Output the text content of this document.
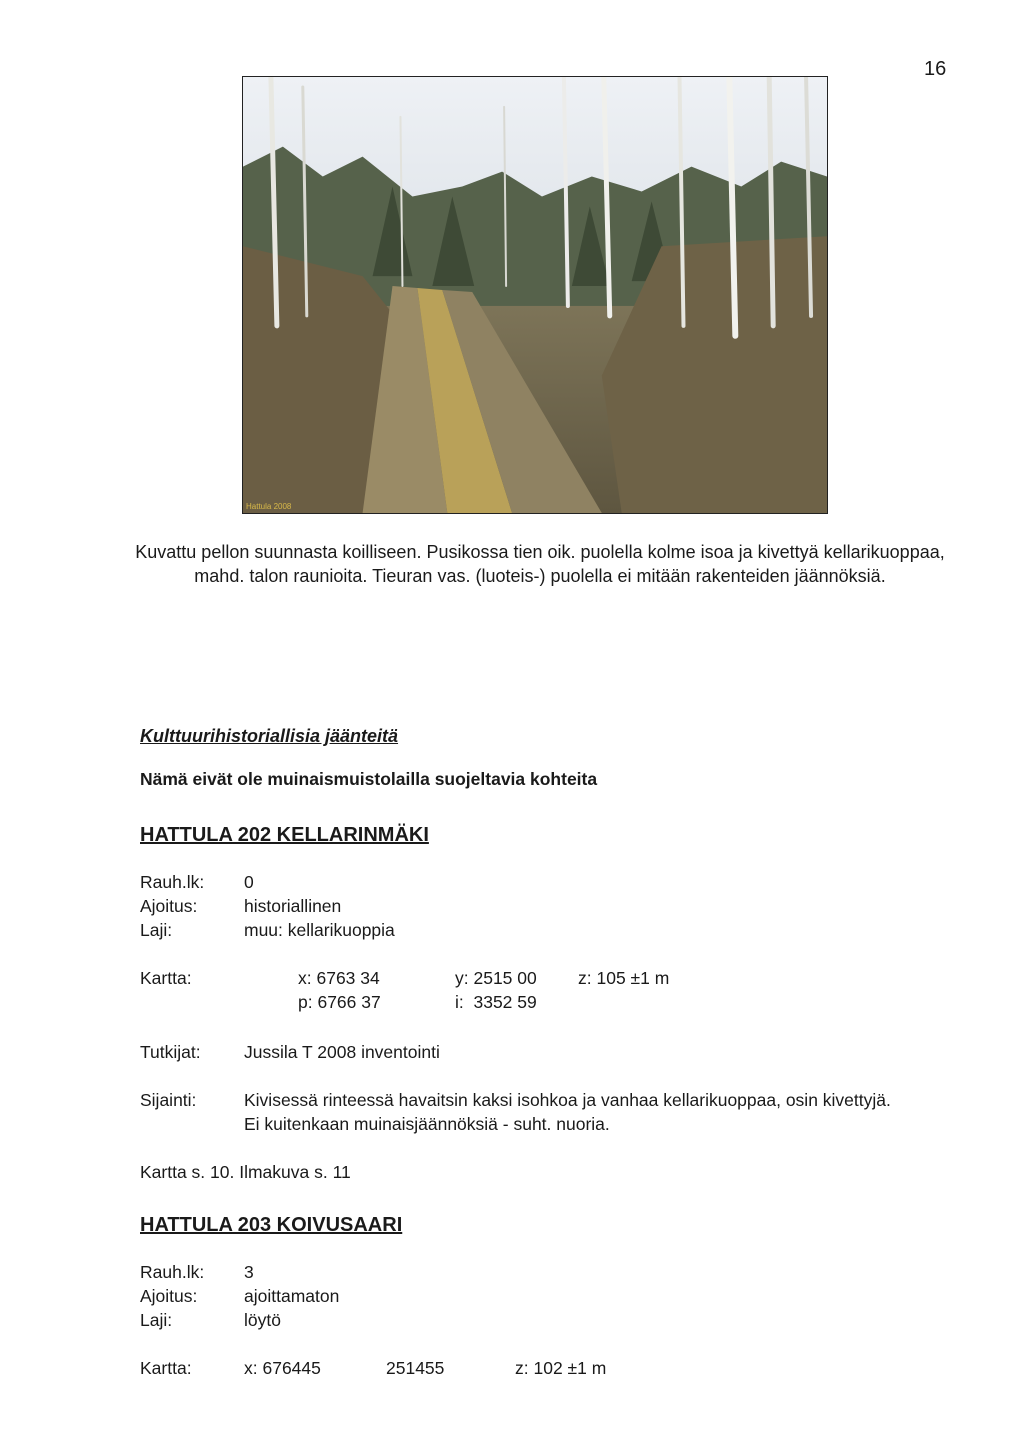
16
Hattula 2008
Kuvattu pellon suunnasta koilliseen. Pusikossa tien oik. puolella kolme isoa ja kivettyä kellarikuoppaa, mahd. talon raunioita. Tieuran vas. (luoteis-) puolella ei mitään rakenteiden jäännöksiä.
Kulttuurihistoriallisia jäänteitä
Nämä eivät ole muinaismuistolailla suojeltavia kohteita
HATTULA 202 KELLARINMÄKI
Rauh.lk: 0
Ajoitus:	historiallinen
Laji:	muu: kellarikuoppia
Kartta:	x: 6763 34	y: 2515 00 z: 105 ±1 m
p: 6766 37	i:  3352 59
Tutkijat: Jussila T 2008 inventointi
Sijainti:	Kivisessä rinteessä havaitsin kaksi isohkoa ja vanhaa kellarikuoppaa, osin kivettyjä.
Ei kuitenkaan muinaisjäännöksiä - suht. nuoria.
Kartta s. 10. Ilmakuva s. 11
HATTULA 203 KOIVUSAARI
Rauh.lk: 3
Ajoitus:	ajoittamaton
Laji:	löytö
Kartta:	x: 676445	251455	z: 102 ±1 m
